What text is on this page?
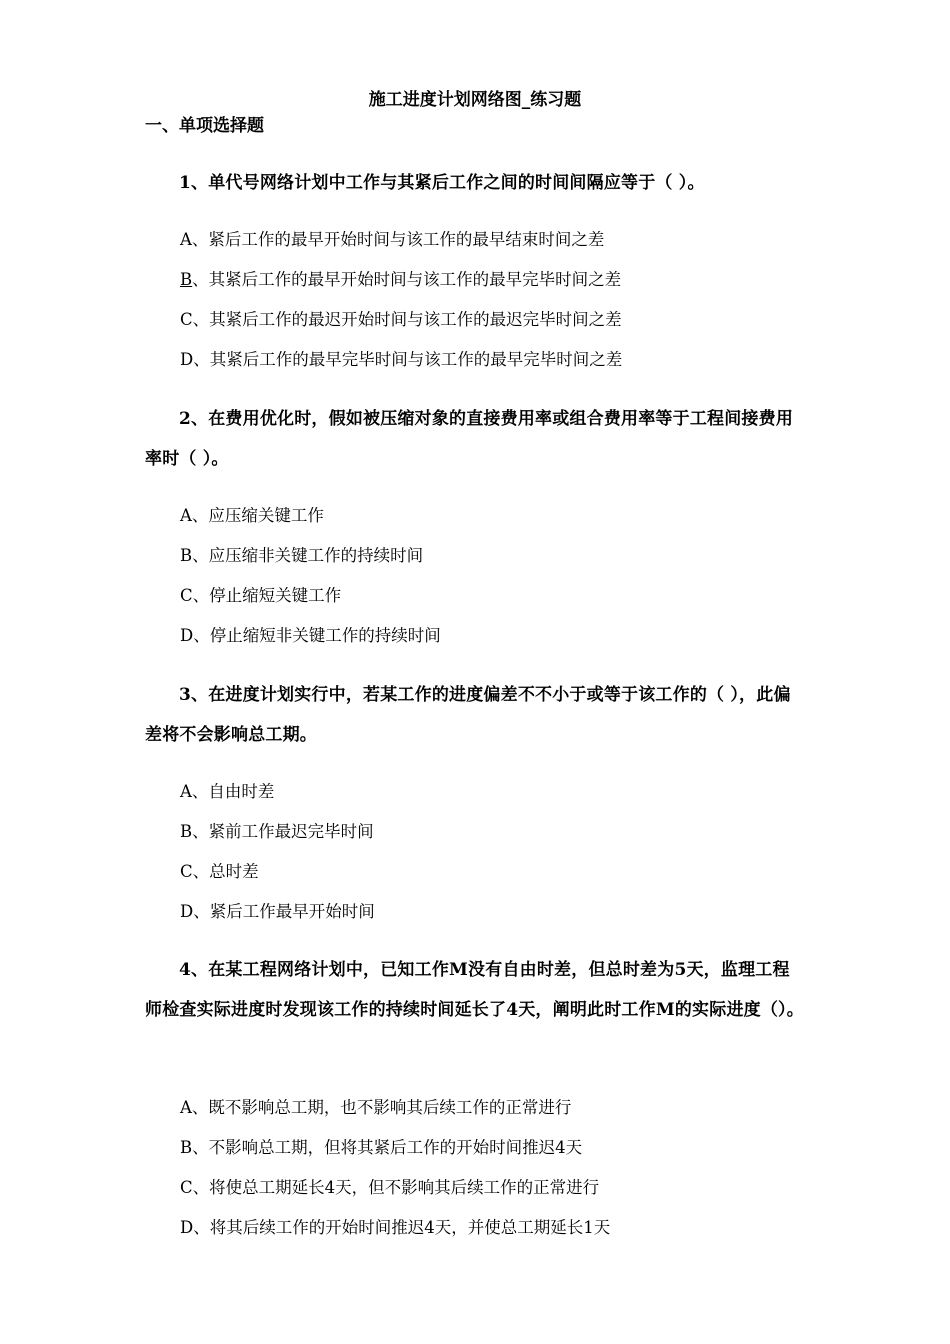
施工进度计划网络图_练习题
一、单项选择题
1、单代号网络计划中工作与其紧后工作之间的时间间隔应等于（ ）。
A、紧后工作的最早开始时间与该工作的最早结束时间之差
B、其紧后工作的最早开始时间与该工作的最早完毕时间之差
C、其紧后工作的最迟开始时间与该工作的最迟完毕时间之差
D、其紧后工作的最早完毕时间与该工作的最早完毕时间之差
2、在费用优化时，假如被压缩对象的直接费用率或组合费用率等于工程间接费用率时（ ）。
A、应压缩关键工作
B、应压缩非关键工作的持续时间
C、停止缩短关键工作
D、停止缩短非关键工作的持续时间
3、在进度计划实行中，若某工作的进度偏差不不小于或等于该工作的（ ），此偏差将不会影响总工期。
A、自由时差
B、紧前工作最迟完毕时间
C、总时差
D、紧后工作最早开始时间
4、在某工程网络计划中，已知工作M没有自由时差，但总时差为5天，监理工程师检查实际进度时发现该工作的持续时间延长了4天，阐明此时工作M的实际进度（）。
A、既不影响总工期，也不影响其后续工作的正常进行
B、不影响总工期，但将其紧后工作的开始时间推迟4天
C、将使总工期延长4天，但不影响其后续工作的正常进行
D、将其后续工作的开始时间推迟4天，并使总工期延长1天
